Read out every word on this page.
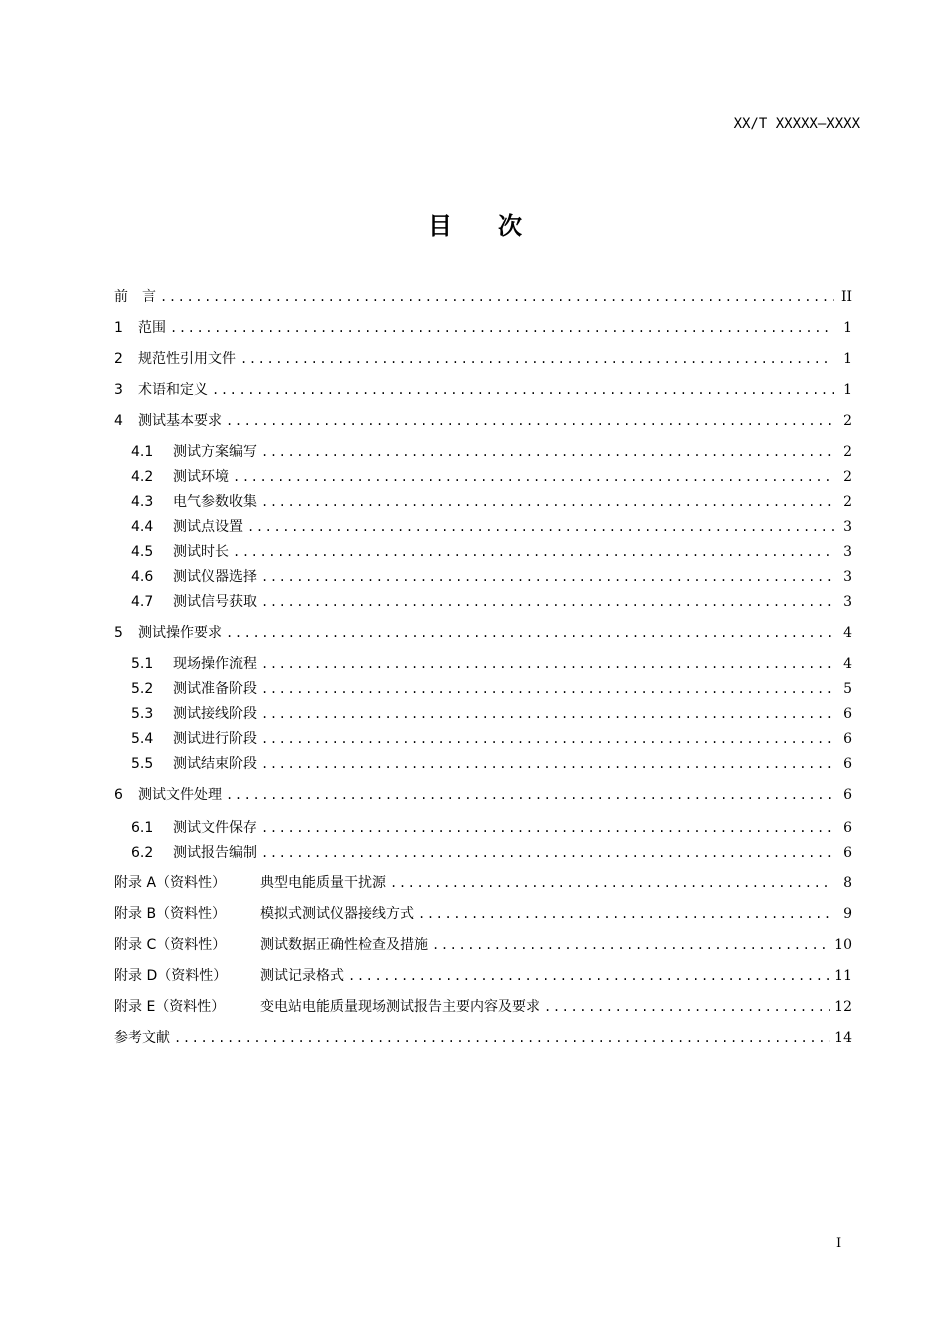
XX/T XXXXX—XXXX
目 次
前　言 .....	II
1	范围 .....	1
2	规范性引用文件 .....	1
3	术语和定义 .....	1
4	测试基本要求 .....	2
4.1	测试方案编写 .....	2
4.2	测试环境 .....	2
4.3	电气参数收集 .....	2
4.4	测试点设置 .....	3
4.5	测试时长 .....	3
4.6	测试仪器选择 .....	3
4.7	测试信号获取 .....	3
5	测试操作要求 .....	4
5.1	现场操作流程 .....	4
5.2	测试准备阶段 .....	5
5.3	测试接线阶段 .....	6
5.4	测试进行阶段 .....	6
5.5	测试结束阶段 .....	6
6	测试文件处理 .....	6
6.1	测试文件保存 .....	6
6.2	测试报告编制 .....	6
附录 A（资料性）	典型电能质量干扰源 .....	8
附录 B（资料性）	模拟式测试仪器接线方式 .....	9
附录 C（资料性）	测试数据正确性检查及措施 .....	10
附录 D（资料性）	测试记录格式 .....	11
附录 E（资料性）	变电站电能质量现场测试报告主要内容及要求 .....	12
参考文献 .....	14
I
